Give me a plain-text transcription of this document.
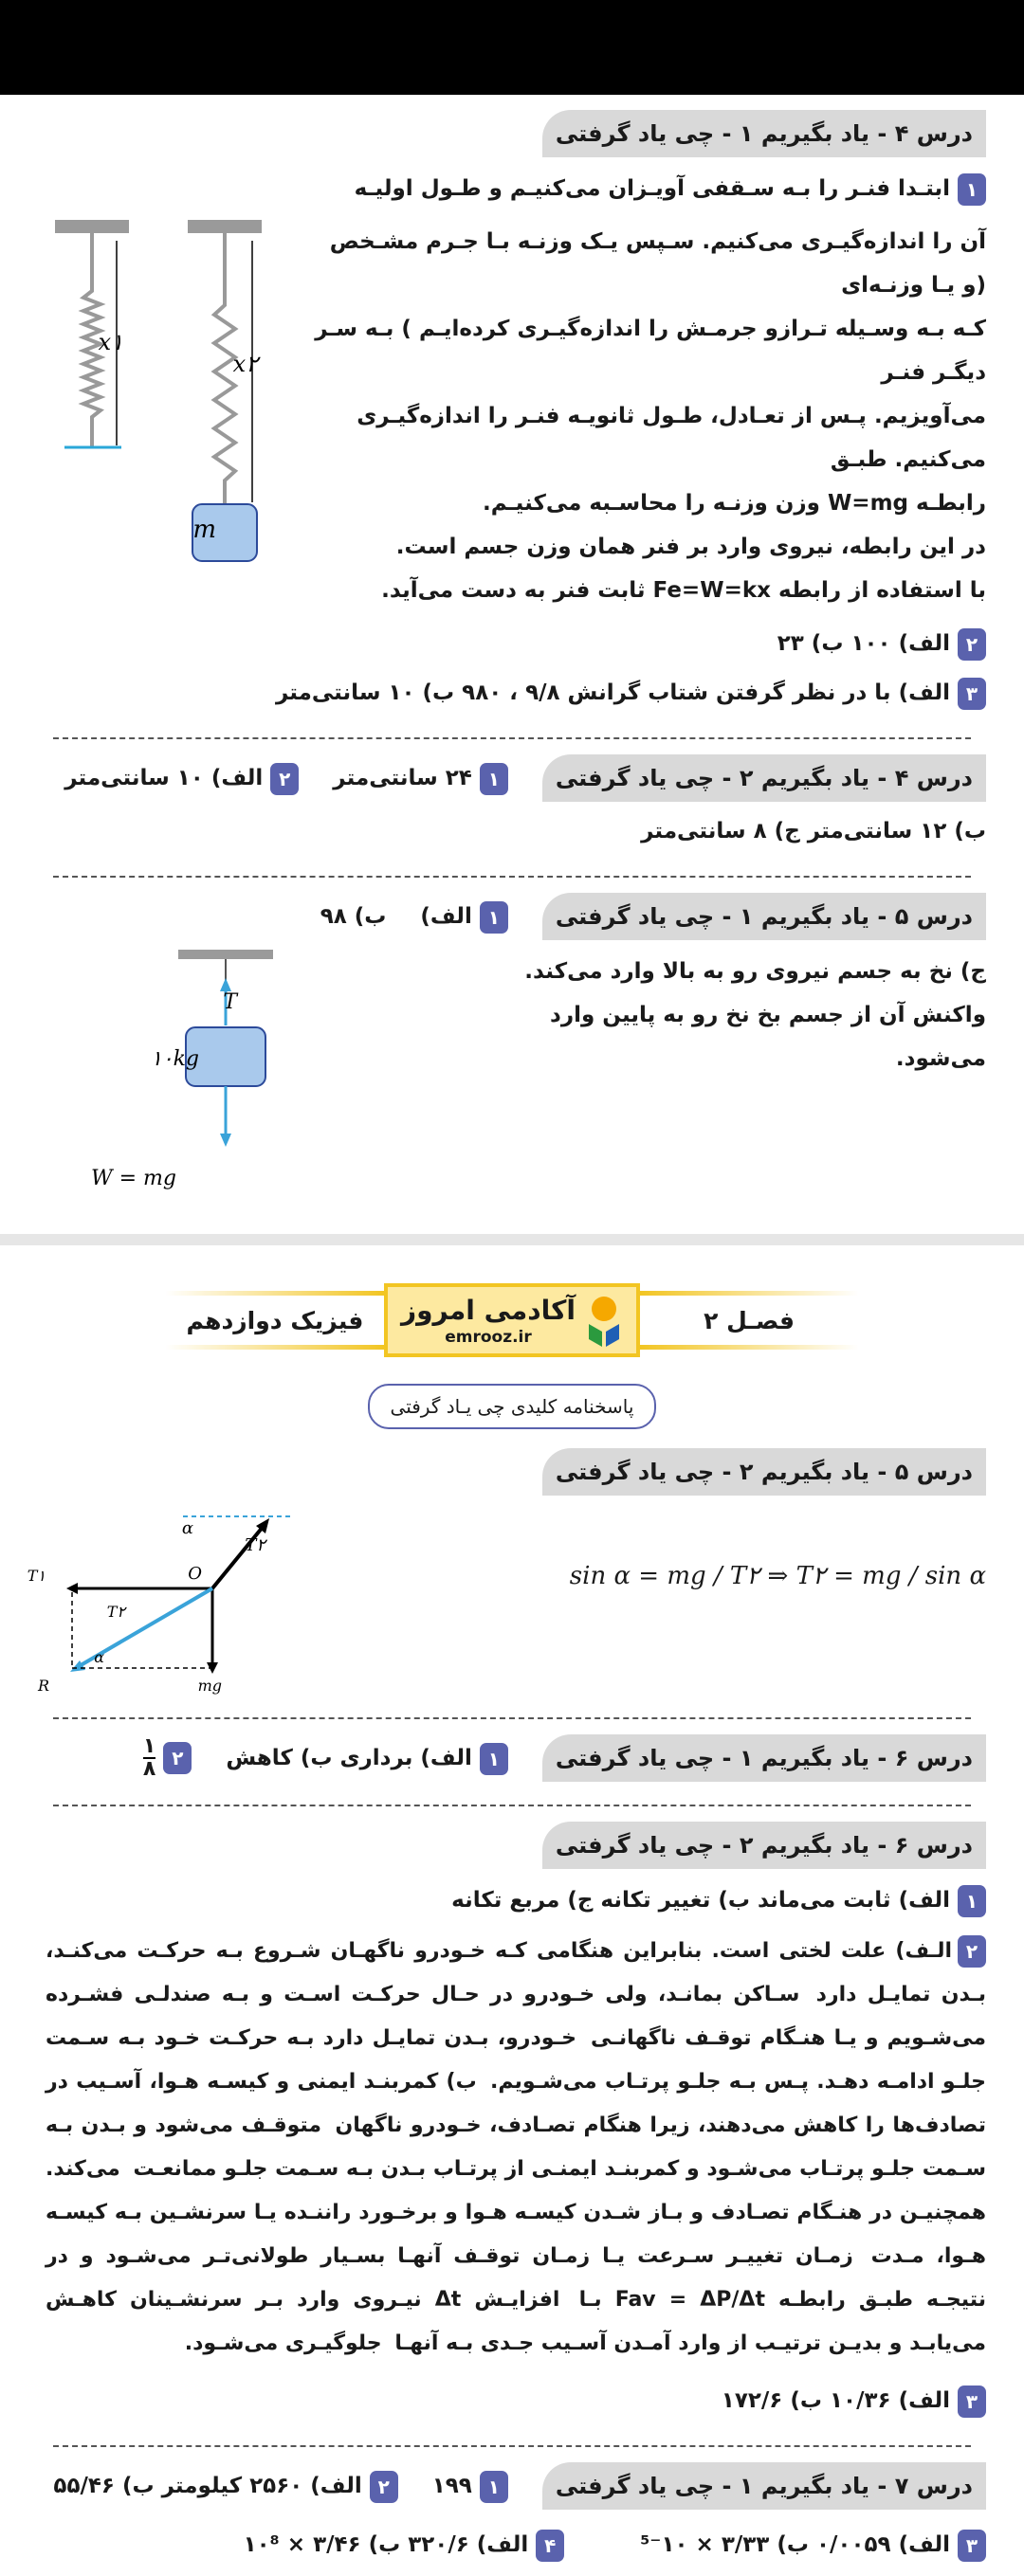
درس ۴ - یاد بگیریم ۱ - چی یاد گرفتی
۱ابتـدا فنـر را بـه سـقفی آویـزان می‌کنیـم و طـول اولیـه
آن را اندازه‌گیـری می‌کنیم. سـپس یـک وزنـه بـا جـرم مشـخص (و یـا وزنـه‌ای
کـه بـه وسـیله تـرازو جرمـش را اندازه‌گیـری کرده‌ایـم ) بـه سـر دیگـر فنـر
می‌آویزیم. پـس از تعـادل، طـول ثانویـه فنـر را اندازه‌گیـری می‌کنیم. طبـق
رابطـه W=mg وزن وزنـه را محاسـبه می‌کنیـم.
در این رابطه، نیروی وارد بر فنر همان وزن جسم است.
با استفاده از رابطه Fe=W=kx ثابت فنر به دست می‌آید.
۲الف) ۱۰۰ ب) ۲۳
x۱
x۲
m
۳الف) با در نظر گرفتن شتاب گرانش ۹/۸ ، ۹۸۰ ب) ۱۰ سانتی‌متر
درس ۴ - یاد بگیریم ۲ - چی یاد گرفتی
۱۲۴ سانتی‌متر
۲الف) ۱۰ سانتی‌متر
ب) ۱۲ سانتی‌متر ج) ۸ سانتی‌متر
درس ۵ - یاد بگیریم ۱ - چی یاد گرفتی
۱الف)
ب) ۹۸
ج) نخ به جسم نیروی رو به بالا وارد می‌کند.
واکنش آن از جسم بخ نخ رو به پایین وارد
می‌شود.
T
۱۰kg
W = mg
فیزیک دوازدهم	آکادمی امروز
emrooz.ir
فصـل ۲
پاسخنامه کلیدی چی یـاد گرفتی
درس ۵ - یاد بگیریم ۲ - چی یاد گرفتی
sin α = mg / T۲ ⇒ T۲ = mg / sin α
α
T۲
O
T۱
mg
T۲
α
R
درس ۶ - یاد بگیریم ۱ - چی یاد گرفتی
۱الف) برداری ب) کاهش
۲
$\frac{۱}{۸}$
درس ۶ - یاد بگیریم ۲ - چی یاد گرفتی
۱الف) ثابت می‌ماند ب) تغییر تکانه ج) مربع تکانه
۲الـف) علت لختی است. بنابراین هنگامی کـه خـودرو ناگهـان شـروع بـه حرکـت می‌کنـد، بـدن تمایـل دارد سـاکن بمانـد، ولی خـودرو در حـال حرکـت اسـت و بـه صندلـی فشـرده می‌شـویم و یـا هنـگام توقـف ناگهانـی خـودرو، بـدن تمایـل دارد بـه حرکـت خـود بـه سـمت جلـو ادامـه دهـد. پـس بـه جلـو پرتـاب می‌شـویم. ب) کمربنـد ایمنی و کیسـه هـوا، آسـیب در تصادف‌ها را کاهش می‌دهند، زیرا هنگام تصـادف، خـودرو ناگهان متوقـف می‌شود و بـدن بـه سـمت جلـو پرتـاب می‌شـود و کمربنـد ایمنـی از پرتـاب بـدن بـه سـمت جلـو ممانعـت می‌کند. همچنیـن در هنـگام تصـادف و بـاز شـدن کیسـه هـوا و برخـورد راننـده یـا سرنشـین بـه کیسـه هـوا، مـدت زمـان تغییـر سـرعت یـا زمـان توقـف آنهـا بسـیار طولانی‌تـر می‌شـود و در نتیجـه طبـق رابطـه Fav = ΔP/Δt بـا افزایـش Δt نیـروی وارد بـر سرنشـینان کاهـش می‌یابـد و بدیـن ترتیـب از وارد آمـدن آسـیب جـدی بـه آنهـا جلوگیـری می‌شـود.
۳الف) ۱۰/۳۶ ب) ۱۷۲/۶
درس ۷ - یاد بگیریم ۱ - چی یاد گرفتی
۱۱۹۹
۲الف) ۲۵۶۰ کیلومتر ب) ۵۵/۴۶
۳الف) ۰/۰۰۵۹ ب) ۳/۳۳ × ۱۰⁻⁵
۴الف) ۳۲۰/۶ ب) ۳/۴۶ × ۱۰⁸
